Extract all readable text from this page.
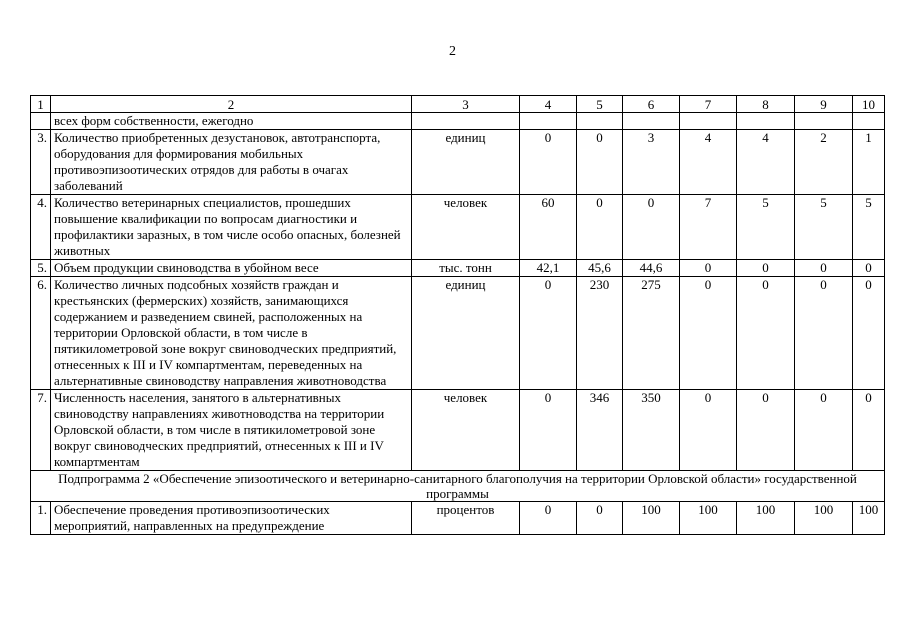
2
1	2	3	4	5	6	7	8	9	10
	всех форм собственности, ежегодно								
3.	Количество приобретенных дезустановок, автотранспорта, оборудования для формирования мобильных противоэпизоотических отрядов для работы в очагах заболеваний	единиц	0	0	3	4	4	2	1
4.	Количество ветеринарных специалистов, прошедших повышение квалификации по вопросам диагностики и профилактики заразных, в том числе особо опасных, болезней животных	человек	60	0	0	7	5	5	5
5.	Объем продукции свиноводства в убойном весе	тыс. тонн	42,1	45,6	44,6	0	0	0	0
6.	Количество личных подсобных хозяйств граждан и крестьянских (фермерских) хозяйств, занимающихся содержанием и разведением свиней, расположенных на территории Орловской области, в том числе в пятикилометровой зоне вокруг свиноводческих предприятий, отнесенных к III и IV компартментам, переведенных на альтернативные свиноводству направления животноводства	единиц	0	230	275	0	0	0	0
7.	Численность населения, занятого в альтернативных свиноводству направлениях животноводства на территории Орловской области, в том числе в пятикилометровой зоне вокруг свиноводческих предприятий, отнесенных к III и IV компартментам	человек	0	346	350	0	0	0	0
Подпрограмма 2 «Обеспечение эпизоотического и ветеринарно-санитарного благополучия на территории Орловской области» государственной программы									
1.	Обеспечение проведения противоэпизоотических мероприятий, направленных на предупреждение	процентов	0	0	100	100	100	100	100
